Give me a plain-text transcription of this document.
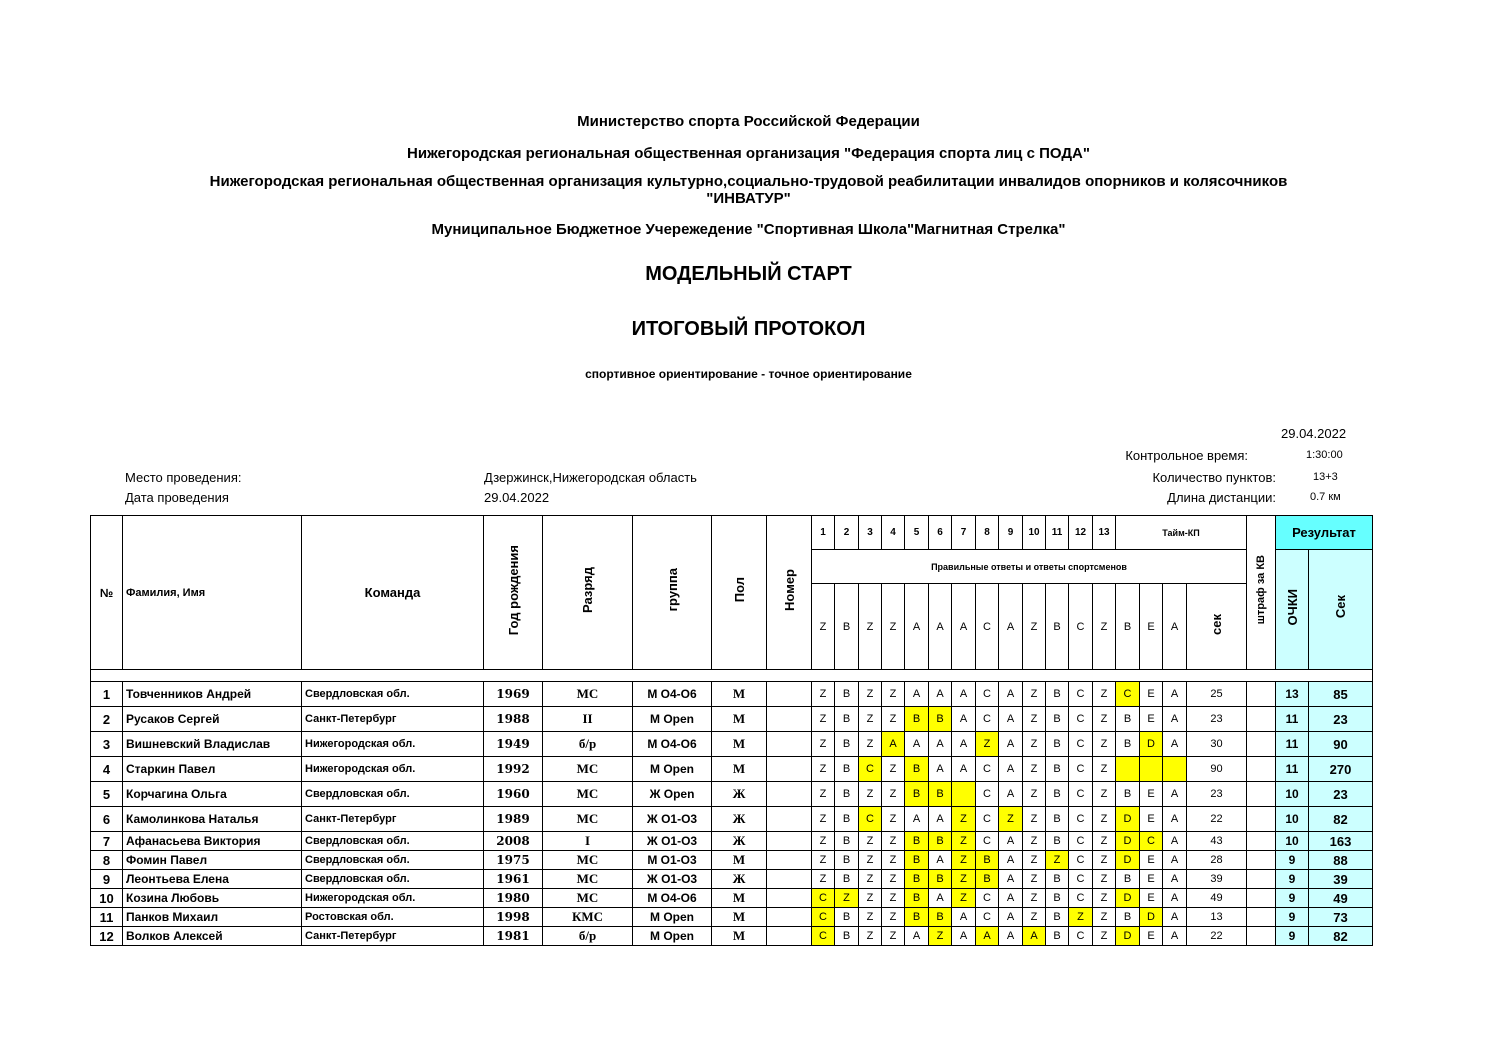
Министерство спорта Российской Федерации
Нижегородская региональная общественная организация "Федерация спорта лиц с ПОДА"
Нижегородская региональная общественная организация культурно,социально-трудовой реабилитации инвалидов опорников и колясочников
"ИНВАТУР"
Муниципальное Бюджетное Учережедение "Спортивная Школа"Магнитная Стрелка"
МОДЕЛЬНЫЙ СТАРТ
ИТОГОВЫЙ ПРОТОКОЛ
спортивное ориентирование - точное ориентирование
29.04.2022
Контрольное время:	1:30:00
Количество пунктов:	13+3
Длина дистанции:	0.7 км
Место проведения:	Дзержинск,Нижегородская область
Дата проведения	29.04.2022
№	Фамилия, Имя	Команда	Год рождения	Разряд	группа	Пол	Номер	1	2	3	4	5	6	7	8	9	10	11	12	13	Тайм-КП				штраф за КВ	Результат	
								Правильные ответы и ответы спортсменов																		ОЧКИ	Сек
								Z	B	Z	Z	A	A	A	C	A	Z	B	C	Z	B	E	A	сек			

1	Товченников Андрей	Свердловская обл.	1969	МС	М О4-О6	М		Z	B	Z	Z	A	A	A	C	A	Z	B	C	Z	C	E	A	25		13	85
2	Русаков Сергей	Санкт-Петербург	1988	II	М Open	М		Z	B	Z	Z	B	B	A	C	A	Z	B	C	Z	B	E	A	23		11	23
3	Вишневский Владислав	Нижегородская обл.	1949	б/р	М О4-О6	М		Z	B	Z	A	A	A	A	Z	A	Z	B	C	Z	B	D	A	30		11	90
4	Старкин Павел	Нижегородская обл.	1992	МС	М Open	М		Z	B	C	Z	B	A	A	C	A	Z	B	C	Z				90		11	270
5	Корчагина Ольга	Свердловская обл.	1960	МС	Ж Open	Ж		Z	B	Z	Z	B	B		C	A	Z	B	C	Z	B	E	A	23		10	23
6	Камолинкова Наталья	Санкт-Петербург	1989	МС	Ж О1-О3	Ж		Z	B	C	Z	A	A	Z	C	Z	Z	B	C	Z	D	E	A	22		10	82
7	Афанасьева Виктория	Свердловская обл.	2008	I	Ж О1-О3	Ж		Z	B	Z	Z	B	B	Z	C	A	Z	B	C	Z	D	C	A	43		10	163
8	Фомин Павел	Свердловская обл.	1975	МС	М О1-О3	М		Z	B	Z	Z	B	A	Z	B	A	Z	Z	C	Z	D	E	A	28		9	88
9	Леонтьева Елена	Свердловская обл.	1961	МС	Ж О1-О3	Ж		Z	B	Z	Z	B	B	Z	B	A	Z	B	C	Z	B	E	A	39		9	39
10	Козина Любовь	Нижегородская обл.	1980	МС	М О4-О6	М		C	Z	Z	Z	B	A	Z	C	A	Z	B	C	Z	D	E	A	49		9	49
11	Панков Михаил	Ростовская обл.	1998	КМС	М Open	М		C	B	Z	Z	B	B	A	C	A	Z	B	Z	Z	B	D	A	13		9	73
12	Волков Алексей	Санкт-Петербург	1981	б/р	М Open	М		C	B	Z	Z	A	Z	A	A	A	A	B	C	Z	D	E	A	22		9	82
